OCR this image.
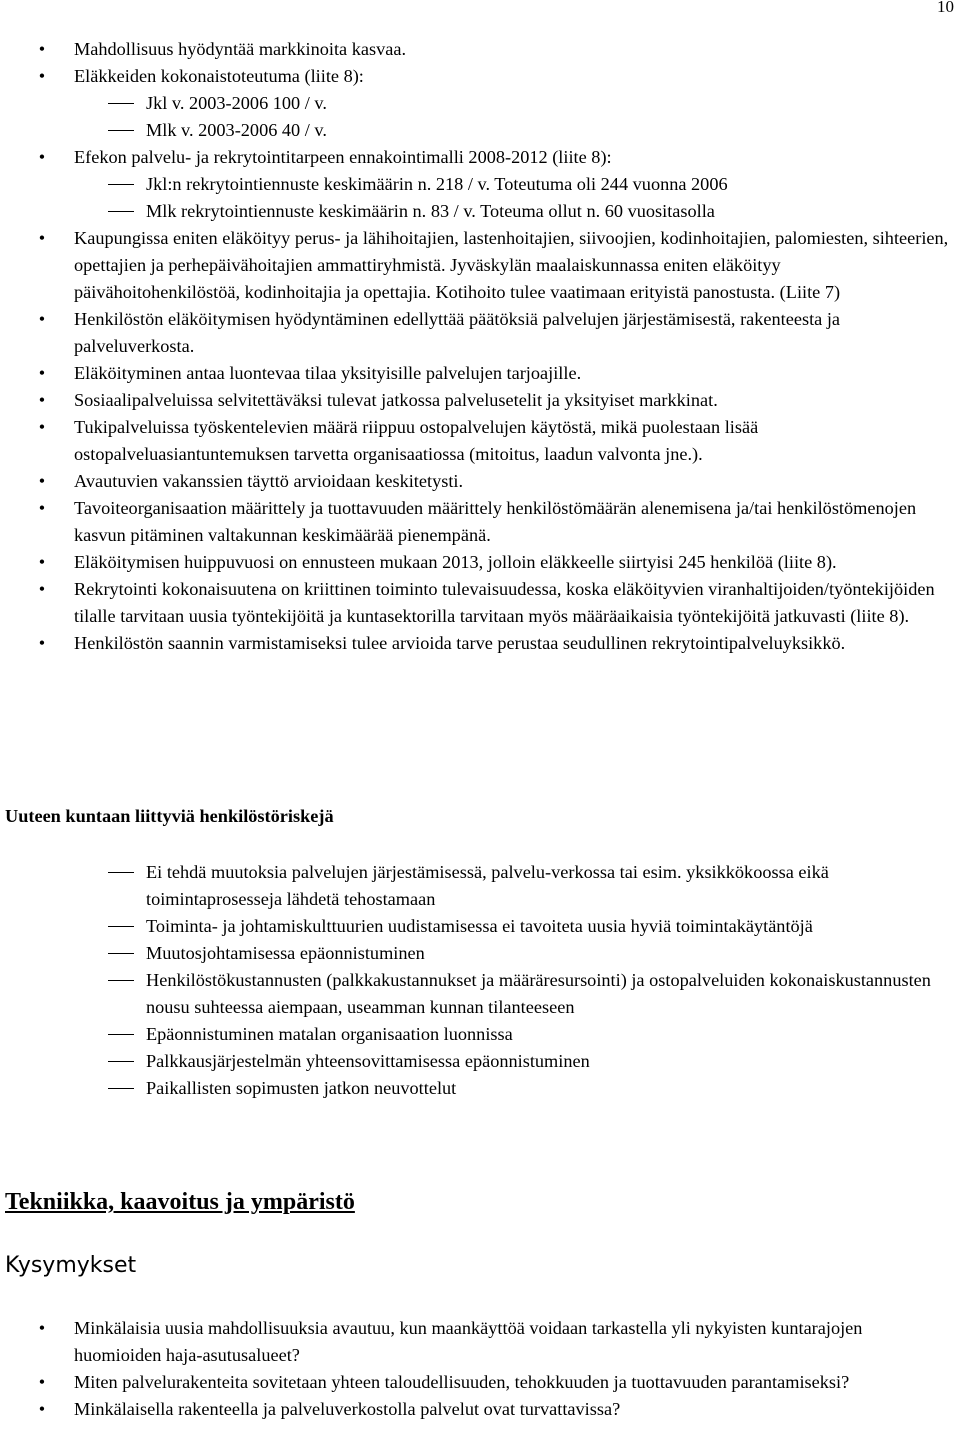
10
• Mahdollisuus hyödyntää markkinoita kasvaa.
• Eläkkeiden kokonaistoteutuma (liite 8):
Jkl v. 2003-2006 100 / v.
Mlk v. 2003-2006 40 / v.
• Efekon palvelu- ja rekrytointitarpeen ennakointimalli 2008-2012 (liite 8):
Jkl:n rekrytointiennuste keskimäärin n. 218 / v. Toteutuma oli 244 vuonna 2006
Mlk rekrytointiennuste keskimäärin n. 83 / v. Toteuma ollut n. 60 vuositasolla
• Kaupungissa eniten eläköityy perus- ja lähihoitajien, lastenhoitajien, siivoojien, kodinhoitajien, palomiesten, sihteerien, opettajien ja perhepäivähoitajien ammattiryhmistä. Jyväskylän maalaiskunnassa eniten eläköityy päivähoitohenkilöstöä, kodinhoitajia ja opettajia. Kotihoito tulee vaatimaan erityistä panostusta. (Liite 7)
• Henkilöstön eläköitymisen hyödyntäminen edellyttää päätöksiä palvelujen järjestämisestä, rakenteesta ja palveluverkosta.
• Eläköityminen antaa luontevaa tilaa yksityisille palvelujen tarjoajille.
• Sosiaalipalveluissa selvitettäväksi tulevat jatkossa palvelusetelit ja yksityiset markkinat.
• Tukipalveluissa työskentelevien määrä riippuu ostopalvelujen käytöstä, mikä puolestaan lisää ostopalveluasiantuntemuksen tarvetta organisaatiossa (mitoitus, laadun valvonta jne.).
• Avautuvien vakanssien täyttö arvioidaan keskitetysti.
• Tavoiteorganisaation määrittely ja tuottavuuden määrittely henkilöstömäärän alenemisena ja/tai henkilöstömenojen kasvun pitäminen valtakunnan keskimäärää pienempänä.
• Eläköitymisen huippuvuosi on ennusteen mukaan 2013, jolloin eläkkeelle siirtyisi 245 henkilöä (liite 8).
• Rekrytointi kokonaisuutena on kriittinen toiminto tulevaisuudessa, koska eläköityvien viranhaltijoiden/työntekijöiden tilalle tarvitaan uusia työntekijöitä ja kuntasektorilla tarvitaan myös määräaikaisia työntekijöitä jatkuvasti (liite 8).
• Henkilöstön saannin varmistamiseksi tulee arvioida tarve perustaa seudullinen rekrytointipalveluyksikkö.
Uuteen kuntaan liittyviä henkilöstöriskejä
Ei tehdä muutoksia palvelujen järjestämisessä, palvelu-verkossa tai esim. yksikkökoossa eikä toimintaprosesseja lähdetä tehostamaan
Toiminta- ja johtamiskulttuurien uudistamisessa ei tavoiteta uusia hyviä toimintakäytäntöjä
Muutosjohtamisessa epäonnistuminen
Henkilöstökustannusten (palkkakustannukset ja määräresursointi) ja ostopalveluiden kokonaiskustannusten nousu suhteessa aiempaan, useamman kunnan tilanteeseen
Epäonnistuminen matalan organisaation luonnissa
Palkkausjärjestelmän yhteensovittamisessa epäonnistuminen
Paikallisten sopimusten jatkon neuvottelut
Tekniikka, kaavoitus ja ympäristö
Kysymykset
• Minkälaisia uusia mahdollisuuksia avautuu, kun maankäyttöä voidaan tarkastella yli nykyisten kuntarajojen huomioiden haja-asutusalueet?
• Miten palvelurakenteita sovitetaan yhteen taloudellisuuden, tehokkuuden ja tuottavuuden parantamiseksi?
• Minkälaisella rakenteella ja palveluverkostolla palvelut ovat turvattavissa?
